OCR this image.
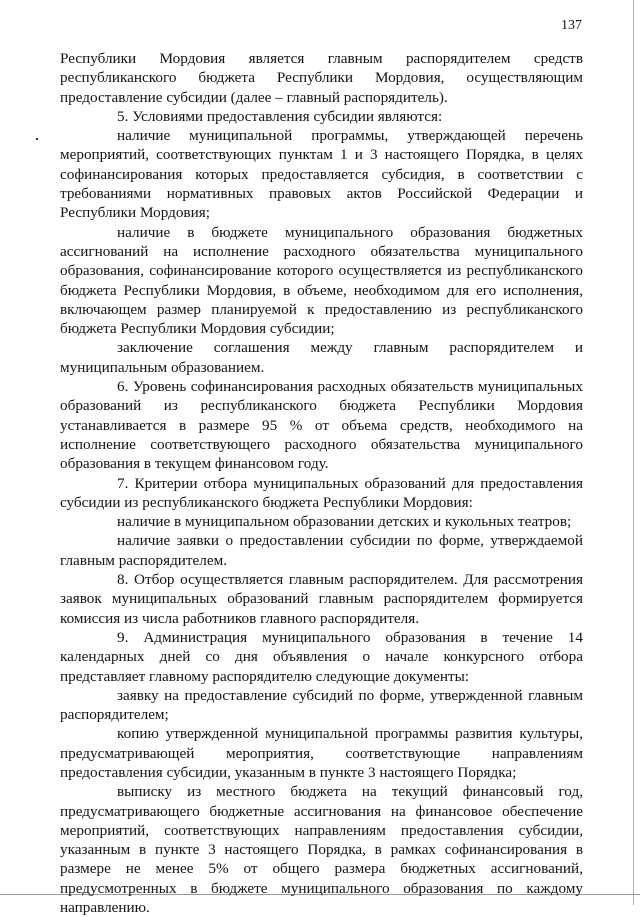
137
Республики Мордовия является главным распорядителем средств
республиканского бюджета Республики Мордовия, осуществляющим
предоставление субсидии (далее – главный распорядитель).
5. Условиями предоставления субсидии являются:
наличие муниципальной программы, утверждающей перечень
мероприятий, соответствующих пунктам 1 и 3 настоящего Порядка, в целях
софинансирования которых предоставляется субсидия, в соответствии с
требованиями нормативных правовых актов Российской Федерации и
Республики Мордовия;
наличие в бюджете муниципального образования бюджетных
ассигнований на исполнение расходного обязательства муниципального
образования, софинансирование которого осуществляется из республиканского
бюджета Республики Мордовия, в объеме, необходимом для его исполнения,
включающем размер планируемой к предоставлению из республиканского
бюджета Республики Мордовия субсидии;
заключение соглашения между главным распорядителем и
муниципальным образованием.
6. Уровень софинансирования расходных обязательств муниципальных
образований из республиканского бюджета Республики Мордовия
устанавливается в размере 95 % от объема средств, необходимого на
исполнение соответствующего расходного обязательства муниципального
образования в текущем финансовом году.
7. Критерии отбора муниципальных образований для предоставления
субсидии из республиканского бюджета Республики Мордовия:
наличие в муниципальном образовании детских и кукольных театров;
наличие заявки о предоставлении субсидии по форме, утверждаемой
главным распорядителем.
8. Отбор осуществляется главным распорядителем. Для рассмотрения
заявок муниципальных образований главным распорядителем формируется
комиссия из числа работников главного распорядителя.
9. Администрация муниципального образования в течение 14
календарных дней со дня объявления о начале конкурсного отбора
представляет главному распорядителю следующие документы:
заявку на предоставление субсидий по форме, утвержденной главным
распорядителем;
копию утвержденной муниципальной программы развития культуры,
предусматривающей мероприятия, соответствующие направлениям
предоставления субсидии, указанным в пункте 3 настоящего Порядка;
выписку из местного бюджета на текущий финансовый год,
предусматривающего бюджетные ассигнования на финансовое обеспечение
мероприятий, соответствующих направлениям предоставления субсидии,
указанным в пункте 3 настоящего Порядка, в рамках софинансирования в
размере не менее 5% от общего размера бюджетных ассигнований,
предусмотренных в бюджете муниципального образования по каждому
направлению.
